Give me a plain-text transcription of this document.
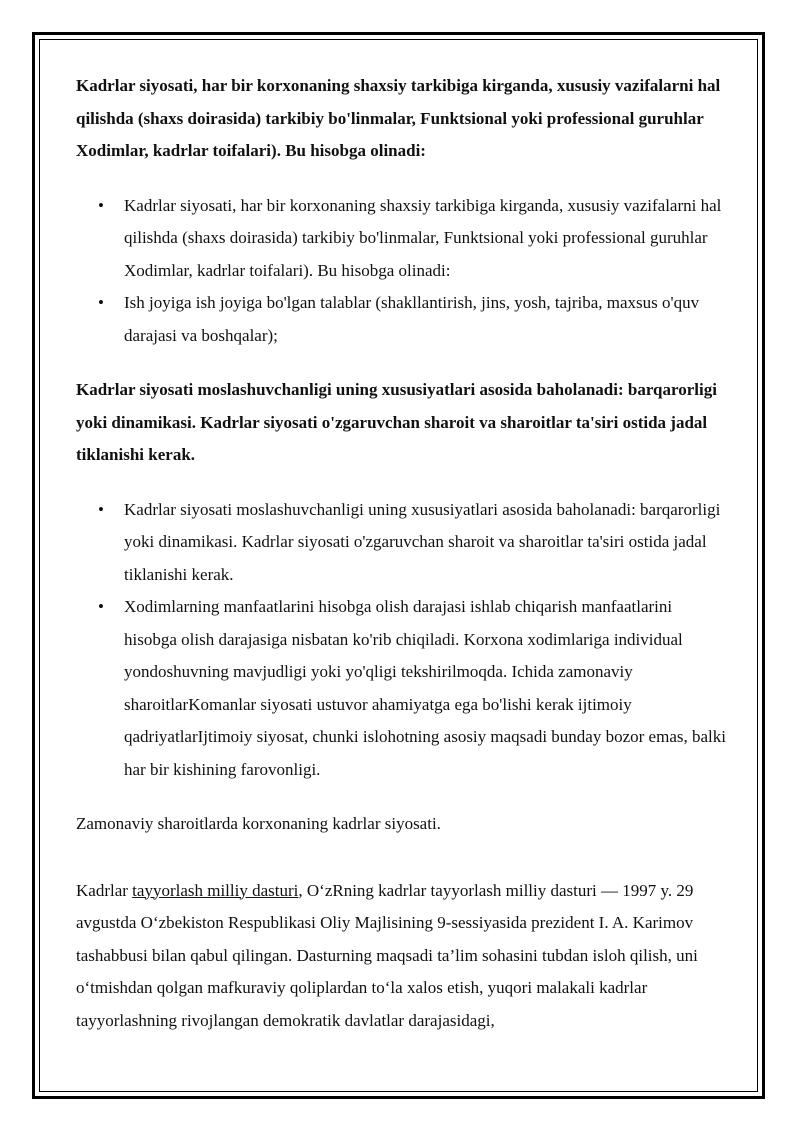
Kadrlar siyosati, har bir korxonaning shaxsiy tarkibiga kirganda, xususiy vazifalarni hal qilishda (shaxs doirasida) tarkibiy bo'linmalar, Funktsional yoki professional guruhlar Xodimlar, kadrlar toifalari). Bu hisobga olinadi:

• Kadrlar siyosati, har bir korxonaning shaxsiy tarkibiga kirganda, xususiy vazifalarni hal qilishda (shaxs doirasida) tarkibiy bo'linmalar, Funktsional yoki professional guruhlar Xodimlar, kadrlar toifalari). Bu hisobga olinadi:
• Ish joyiga ish joyiga bo'lgan talablar (shakllantirish, jins, yosh, tajriba, maxsus o'quv darajasi va boshqalar);

Kadrlar siyosati moslashuvchanligi uning xususiyatlari asosida baholanadi: barqarorligi yoki dinamikasi. Kadrlar siyosati o'zgaruvchan sharoit va sharoitlar ta'siri ostida jadal tiklanishi kerak.

• Kadrlar siyosati moslashuvchanligi uning xususiyatlari asosida baholanadi: barqarorligi yoki dinamikasi. Kadrlar siyosati o'zgaruvchan sharoit va sharoitlar ta'siri ostida jadal tiklanishi kerak.
• Xodimlarning manfaatlarini hisobga olish darajasi ishlab chiqarish manfaatlarini hisobga olish darajasiga nisbatan ko'rib chiqiladi. Korxona xodimlariga individual yondoshuvning mavjudligi yoki yo'qligi tekshirilmoqda. Ichida zamonaviy sharoitlarKomanlar siyosati ustuvor ahamiyatga ega bo'lishi kerak ijtimoiy qadriyatlarIjtimoiy siyosat, chunki islohotning asosiy maqsadi bunday bozor emas, balki har bir kishining farovonligi.

Zamonaviy sharoitlarda korxonaning kadrlar siyosati.

Kadrlar tayyorlash milliy dasturi, O‘zRning kadrlar tayyorlash milliy dasturi — 1997 y. 29 avgustda O‘zbekiston Respublikasi Oliy Majlisining 9-sessiyasida prezident I. A. Karimov tashabbusi bilan qabul qilingan. Dasturning maqsadi ta’lim sohasini tubdan isloh qilish, uni o‘tmishdan qolgan mafkuraviy qoliplardan to‘la xalos etish, yuqori malakali kadrlar tayyorlashning rivojlangan demokratik davlatlar darajasidagi,
